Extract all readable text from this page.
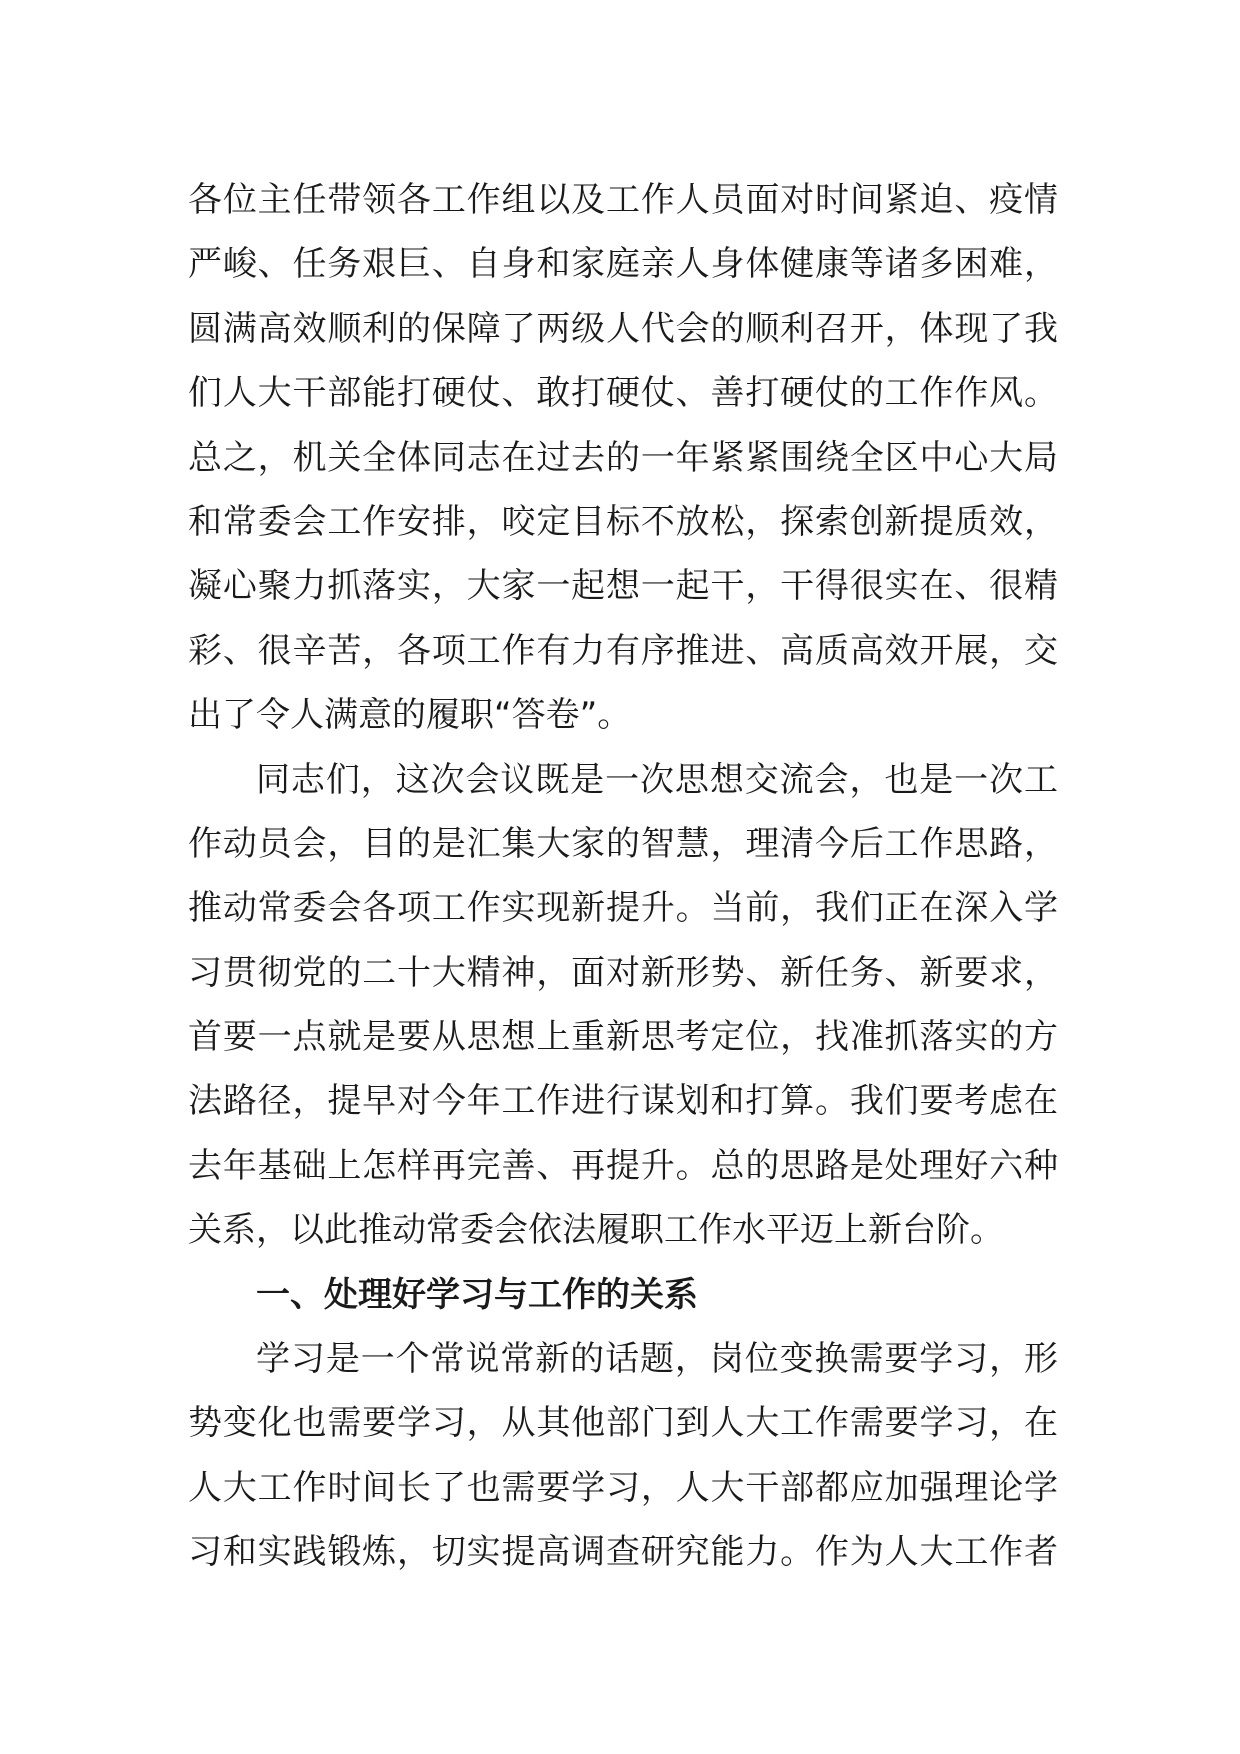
各位主任带领各工作组以及工作人员面对时间紧迫、疫情
严峻、任务艰巨、自身和家庭亲人身体健康等诸多困难，
圆满高效顺利的保障了两级人代会的顺利召开，体现了我
们人大干部能打硬仗、敢打硬仗、善打硬仗的工作作风。
总之，机关全体同志在过去的一年紧紧围绕全区中心大局
和常委会工作安排，咬定目标不放松，探索创新提质效，
凝心聚力抓落实，大家一起想一起干，干得很实在、很精
彩、很辛苦，各项工作有力有序推进、高质高效开展，交
出了令人满意的履职“答卷”。
同志们，这次会议既是一次思想交流会，也是一次工
作动员会，目的是汇集大家的智慧，理清今后工作思路，
推动常委会各项工作实现新提升。当前，我们正在深入学
习贯彻党的二十大精神，面对新形势、新任务、新要求，
首要一点就是要从思想上重新思考定位，找准抓落实的方
法路径，提早对今年工作进行谋划和打算。我们要考虑在
去年基础上怎样再完善、再提升。总的思路是处理好六种
关系，以此推动常委会依法履职工作水平迈上新台阶。
一、处理好学习与工作的关系
学习是一个常说常新的话题，岗位变换需要学习，形
势变化也需要学习，从其他部门到人大工作需要学习，在
人大工作时间长了也需要学习，人大干部都应加强理论学
习和实践锻炼，切实提高调查研究能力。作为人大工作者
